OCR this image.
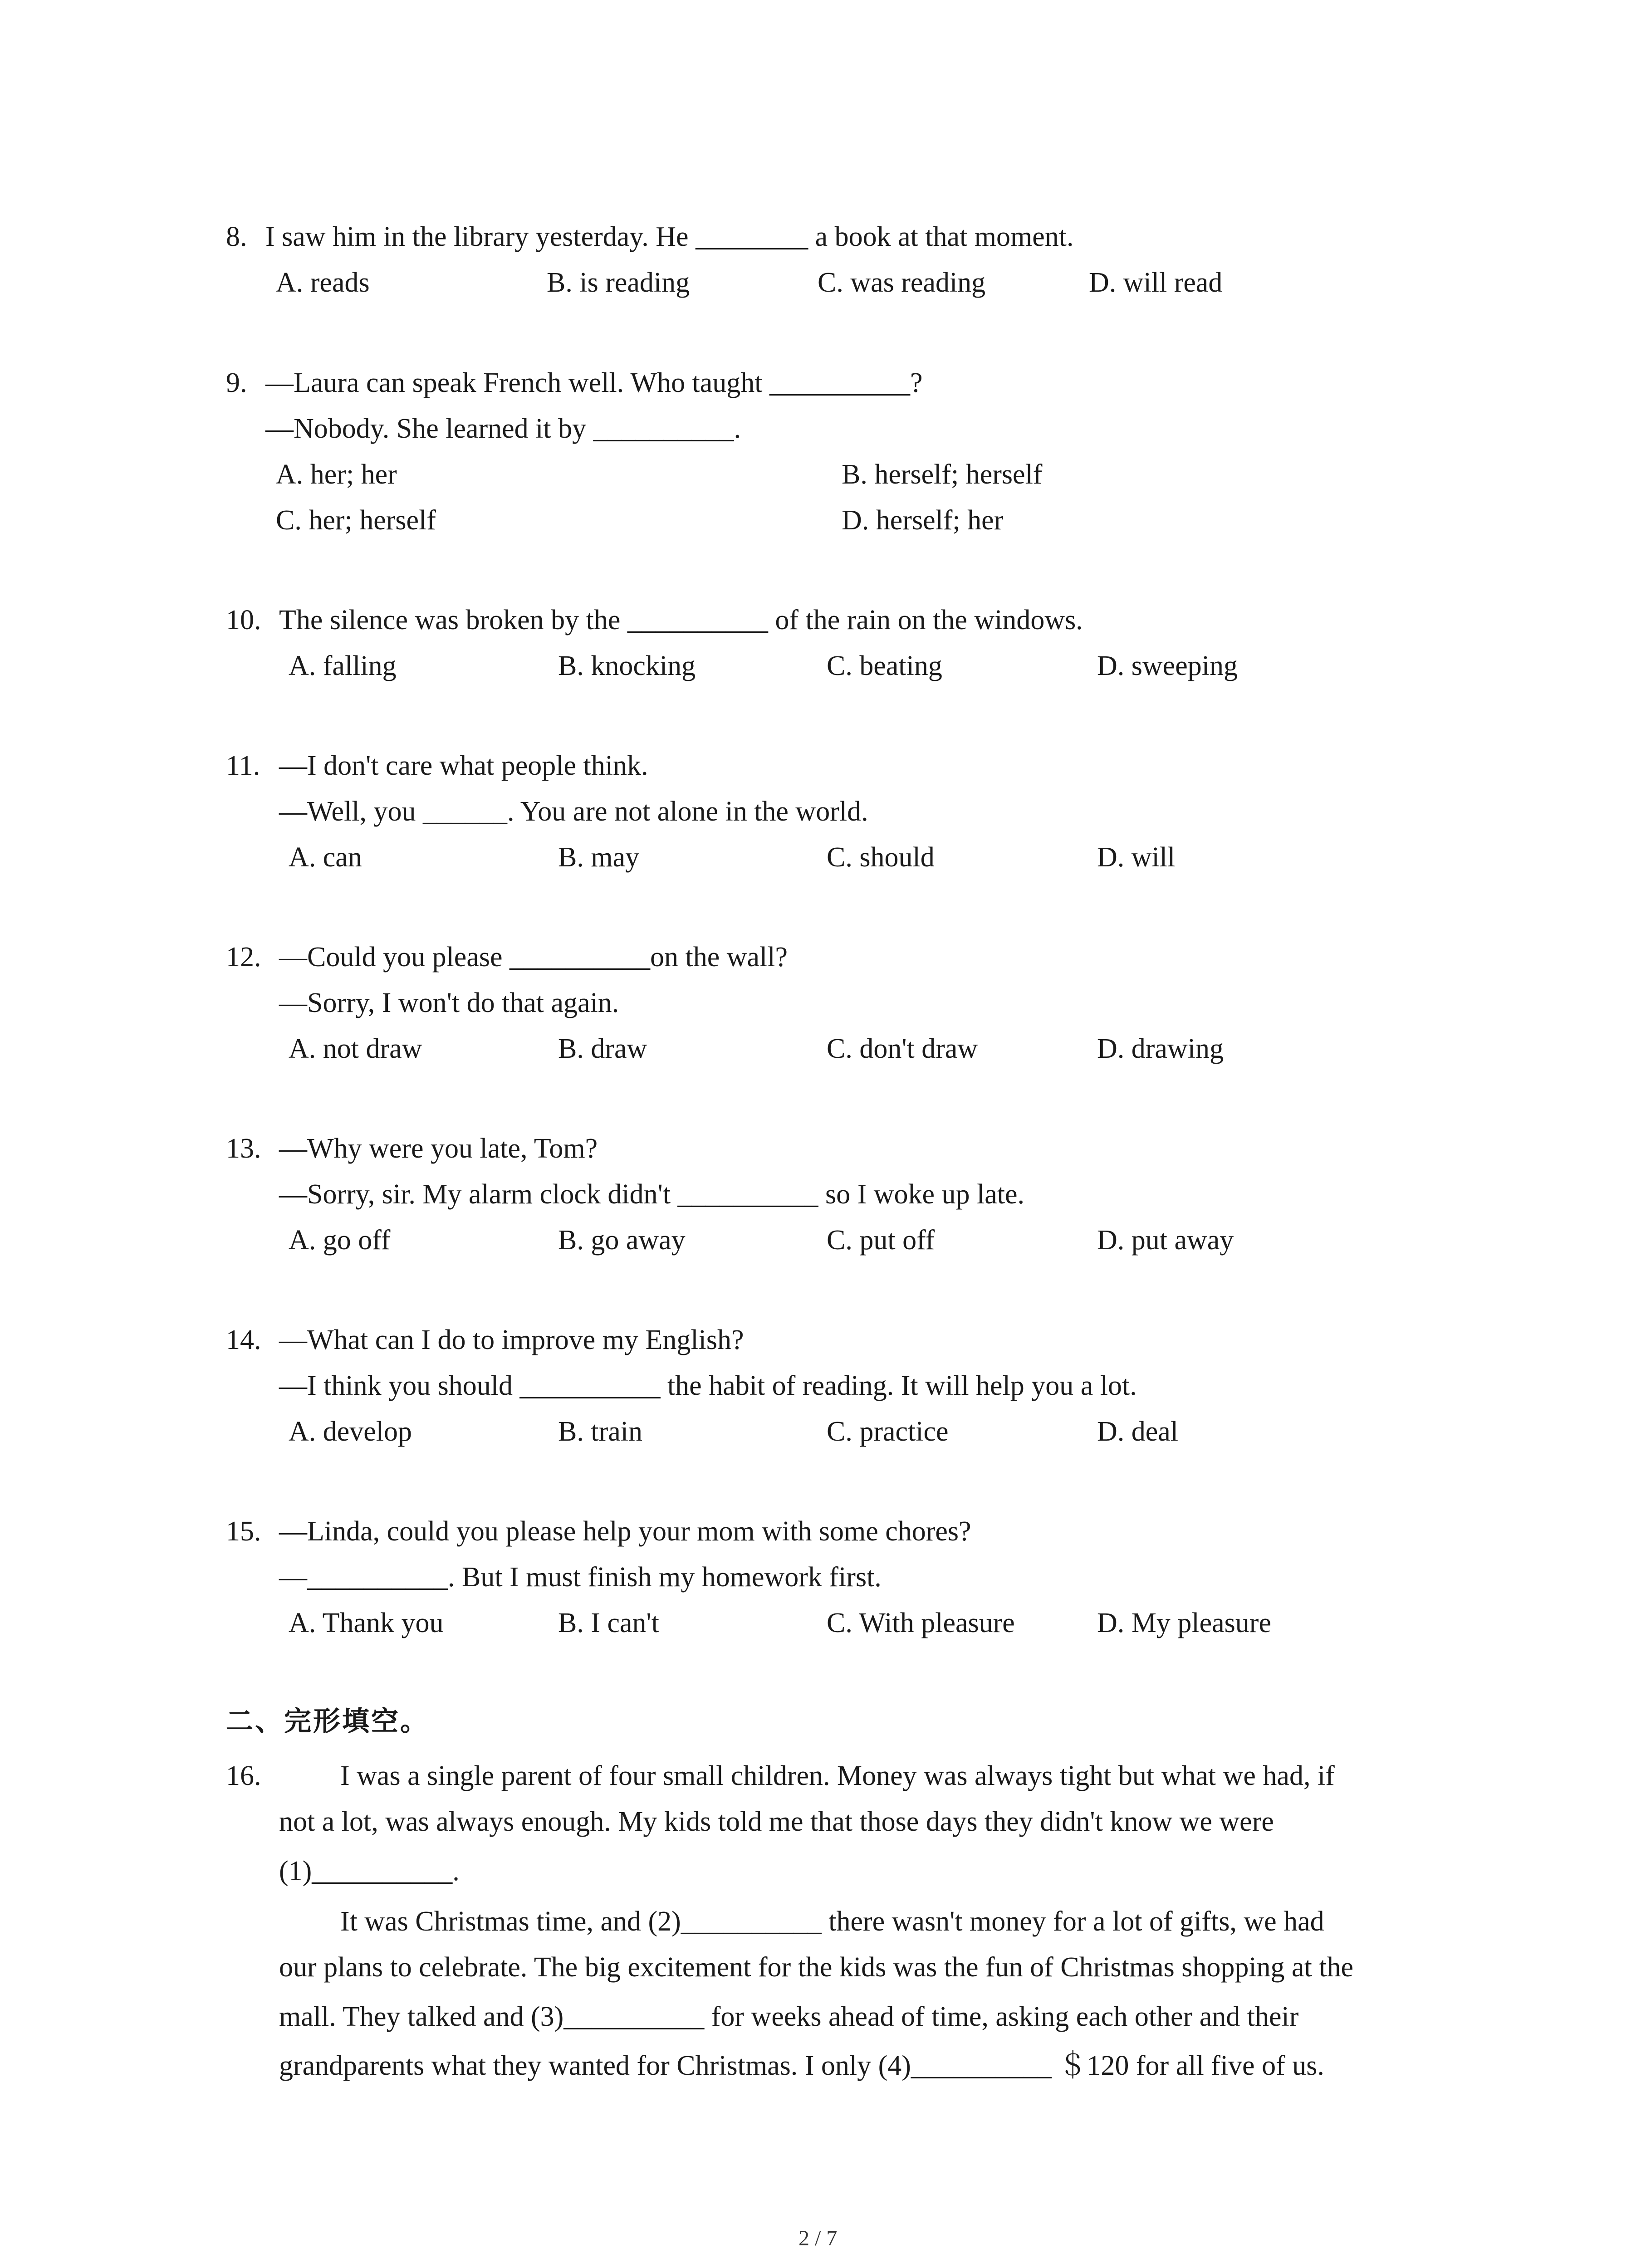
8. I saw him in the library yesterday. He ________ a book at that moment.
A. reads	B. is reading	C. was reading	D. will read
9. —Laura can speak French well. Who taught __________?
—Nobody. She learned it by __________.
A. her; her	B. herself; herself
C. her; herself	D. herself; her
10. The silence was broken by the __________ of the rain on the windows.
A. falling	B. knocking	C. beating	D. sweeping
11. —I don't care what people think.
—Well, you ______. You are not alone in the world.
A. can	B. may	C. should	D. will
12. —Could you please __________on the wall?
—Sorry, I won't do that again.
A. not draw	B. draw	C. don't draw	D. drawing
13. —Why were you late, Tom?
—Sorry, sir. My alarm clock didn't __________ so I woke up late.
A. go off	B. go away	C. put off	D. put away
14. —What can I do to improve my English?
—I think you should __________ the habit of reading. It will help you a lot.
A. develop	B. train	C. practice	D. deal
15. —Linda, could you please help your mom with some chores?
—__________. But I must finish my homework first.
A. Thank you	B. I can't	C. With pleasure	D. My pleasure
二、完形填空。
16.	I was a single parent of four small children. Money was always tight but what we had, if
not a lot, was always enough. My kids told me that those days they didn't know we were
(1)__________.
It was Christmas time, and (2)__________ there wasn't money for a lot of gifts, we had
our plans to celebrate. The big excitement for the kids was the fun of Christmas shopping at the
mall. They talked and (3)__________ for weeks ahead of time, asking each other and their
grandparents what they wanted for Christmas. I only (4)__________ ＄120 for all five of us.
2 / 7
